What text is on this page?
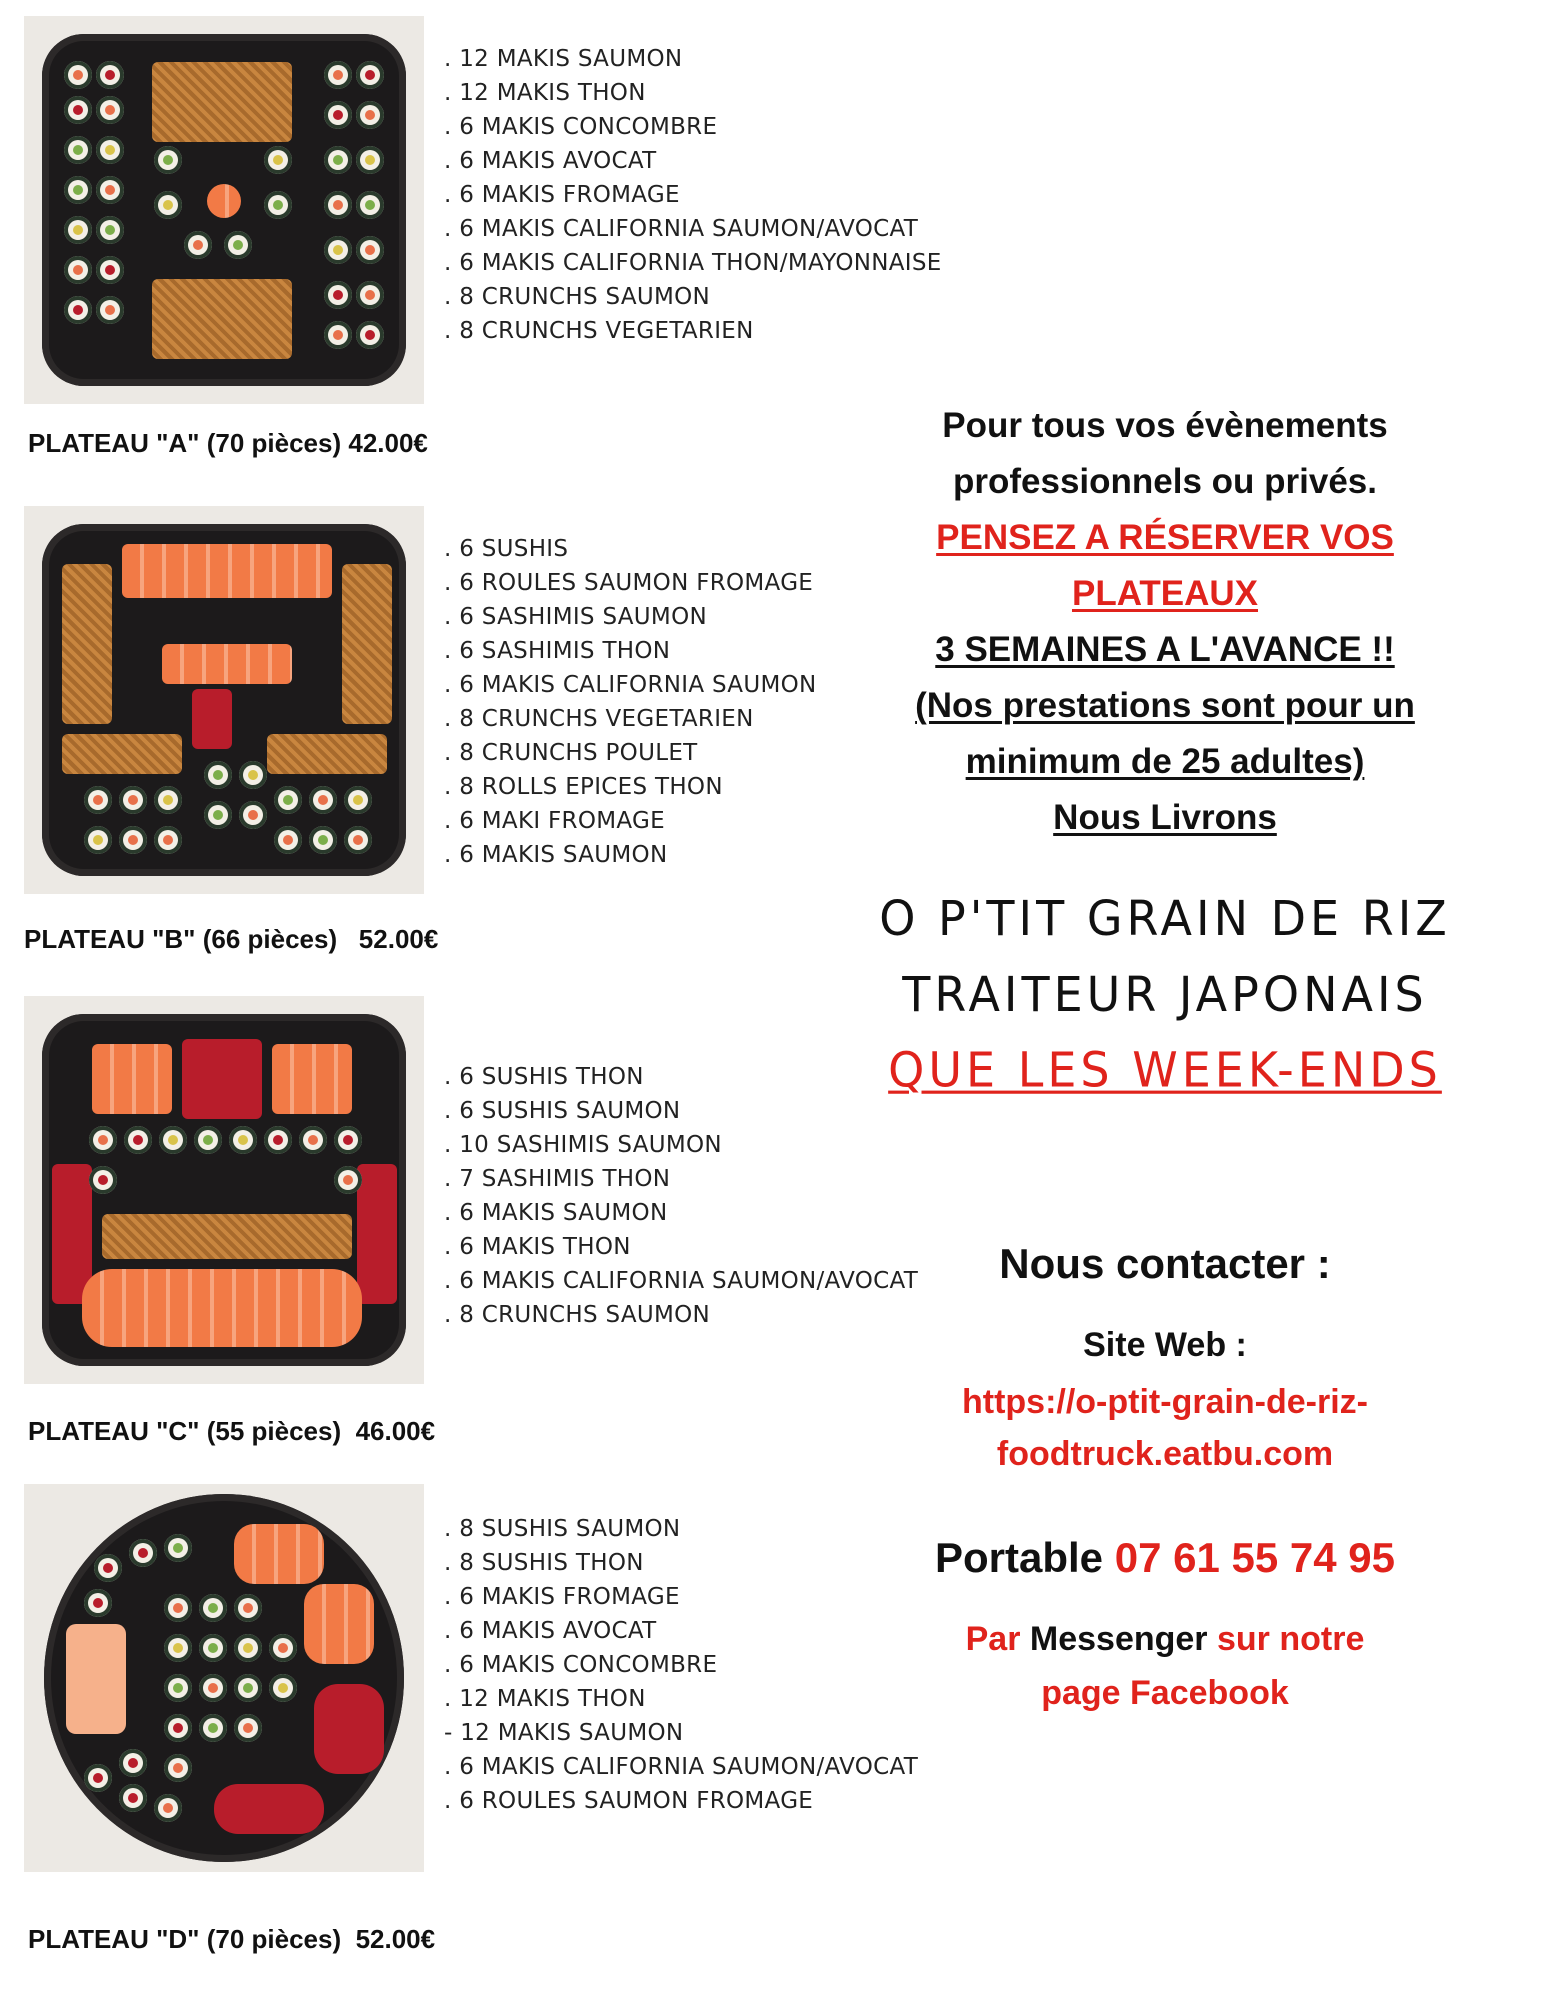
. 12 MAKIS SAUMON
. 12 MAKIS THON
. 6 MAKIS CONCOMBRE
. 6 MAKIS AVOCAT
. 6 MAKIS FROMAGE
. 6 MAKIS CALIFORNIA SAUMON/AVOCAT
. 6 MAKIS CALIFORNIA THON/MAYONNAISE
. 8 CRUNCHS SAUMON
. 8 CRUNCHS VEGETARIEN
PLATEAU "A" (70 pièces) 42.00€
. 6 SUSHIS
. 6 ROULES SAUMON FROMAGE
. 6 SASHIMIS SAUMON
. 6 SASHIMIS THON
. 6 MAKIS CALIFORNIA SAUMON
. 8 CRUNCHS VEGETARIEN
. 8 CRUNCHS POULET
. 8 ROLLS EPICES THON
. 6 MAKI FROMAGE
. 6 MAKIS SAUMON
PLATEAU "B" (66 pièces)   52.00€
. 6 SUSHIS THON
. 6 SUSHIS SAUMON
. 10 SASHIMIS SAUMON
. 7 SASHIMIS THON
. 6 MAKIS SAUMON
. 6 MAKIS THON
. 6 MAKIS CALIFORNIA SAUMON/AVOCAT
. 8 CRUNCHS SAUMON
PLATEAU "C" (55 pièces)  46.00€
. 8 SUSHIS SAUMON
. 8 SUSHIS THON
. 6 MAKIS FROMAGE
. 6 MAKIS AVOCAT
. 6 MAKIS CONCOMBRE
. 12 MAKIS THON
- 12 MAKIS SAUMON
. 6 MAKIS CALIFORNIA SAUMON/AVOCAT
. 6 ROULES SAUMON FROMAGE
PLATEAU "D" (70 pièces)  52.00€
Pour tous vos évènements
professionnels ou privés.
PENSEZ A RÉSERVER VOS
PLATEAUX
3 SEMAINES A L'AVANCE !!
(Nos prestations sont pour un
minimum de 25 adultes)
Nous Livrons
O P'TIT GRAIN DE RIZ
TRAITEUR JAPONAIS
QUE LES WEEK-ENDS
Nous contacter :
Site Web :
https://o-ptit-grain-de-riz-
foodtruck.eatbu.com
Portable 07 61 55 74 95
Par Messenger sur notre
page Facebook
